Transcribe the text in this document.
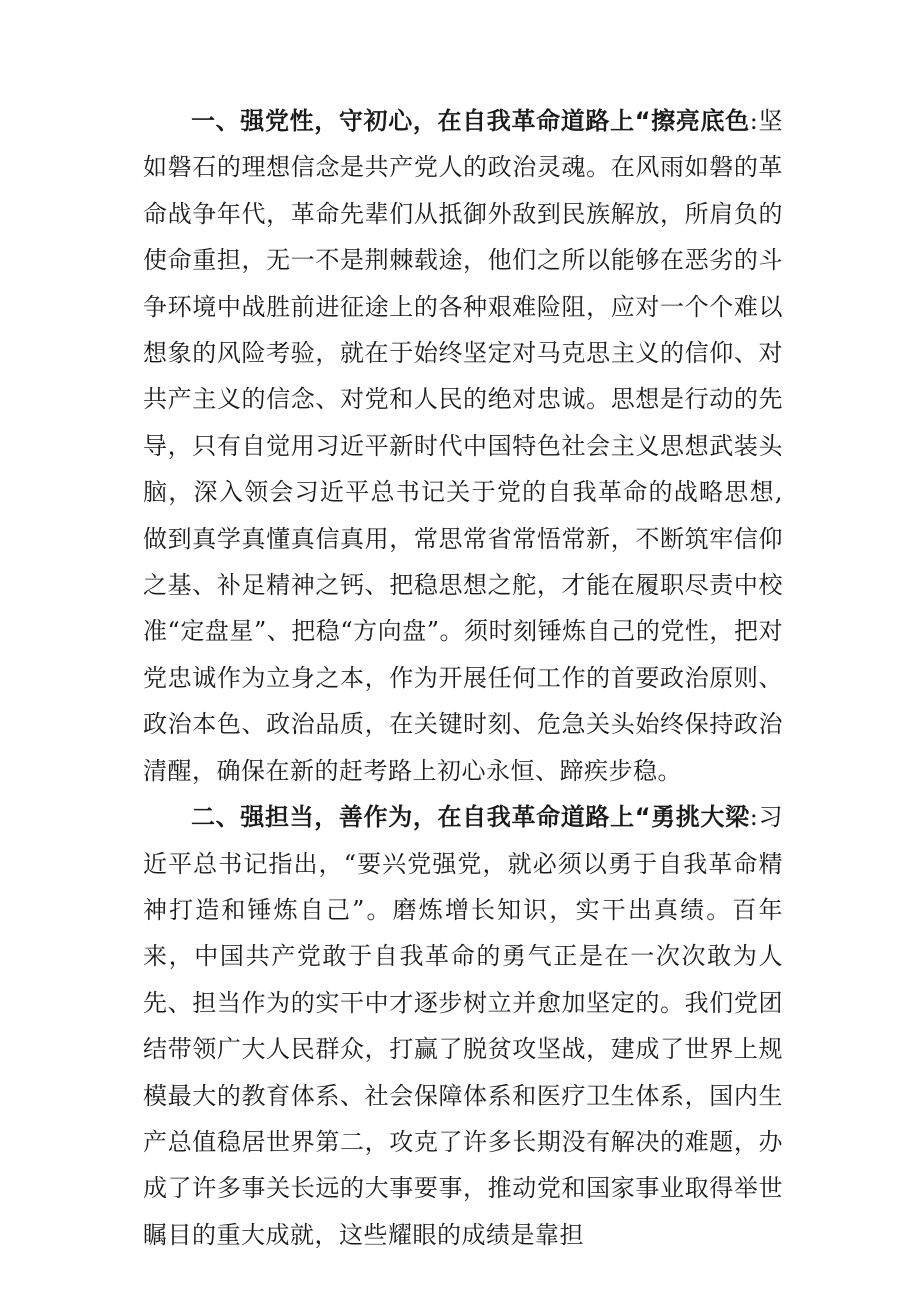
一、强党性，守初心，在自我革命道路上“擦亮底色:坚如磐石的理想信念是共产党人的政治灵魂。在风雨如磐的革命战争年代，革命先辈们从抵御外敌到民族解放，所肩负的使命重担，无一不是荆棘载途，他们之所以能够在恶劣的斗争环境中战胜前进征途上的各种艰难险阻，应对一个个难以想象的风险考验，就在于始终坚定对马克思主义的信仰、对共产主义的信念、对党和人民的绝对忠诚。思想是行动的先导，只有自觉用习近平新时代中国特色社会主义思想武装头脑，深入领会习近平总书记关于党的自我革命的战略思想,做到真学真懂真信真用，常思常省常悟常新，不断筑牢信仰之基、补足精神之钙、把稳思想之舵，才能在履职尽责中校准“定盘星”、把稳“方向盘”。须时刻锤炼自己的党性，把对党忠诚作为立身之本，作为开展任何工作的首要政治原则、政治本色、政治品质，在关键时刻、危急关头始终保持政治清醒，确保在新的赶考路上初心永恒、蹄疾步稳。

二、强担当，善作为，在自我革命道路上“勇挑大梁:习近平总书记指出，“要兴党强党，就必须以勇于自我革命精神打造和锤炼自己”。磨炼增长知识，实干出真绩。百年来，中国共产党敢于自我革命的勇气正是在一次次敢为人先、担当作为的实干中才逐步树立并愈加坚定的。我们党团结带领广大人民群众，打赢了脱贫攻坚战，建成了世界上规模最大的教育体系、社会保障体系和医疗卫生体系，国内生产总值稳居世界第二，攻克了许多长期没有解决的难题，办成了许多事关长远的大事要事，推动党和国家事业取得举世瞩目的重大成就，这些耀眼的成绩是靠担
